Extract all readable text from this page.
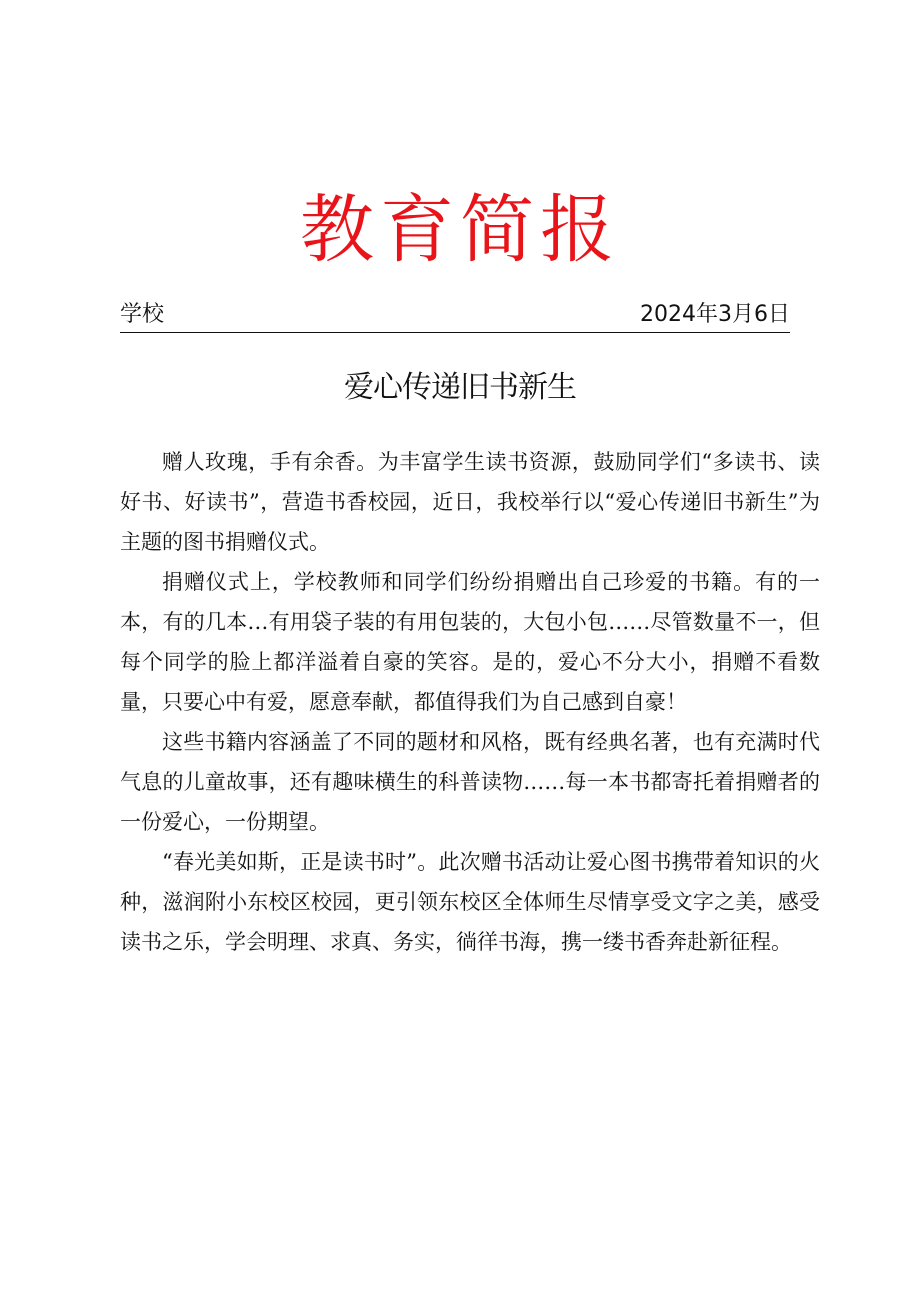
教育简报
学校	2024年3月6日
爱心传递旧书新生

赠人玫瑰，手有余香。为丰富学生读书资源，鼓励同学们“多读书、读好书、好读书”，营造书香校园，近日，我校举行以“爱心传递旧书新生”为主题的图书捐赠仪式。

捐赠仪式上，学校教师和同学们纷纷捐赠出自己珍爱的书籍。有的一本，有的几本…有用袋子装的有用包装的，大包小包……尽管数量不一，但每个同学的脸上都洋溢着自豪的笑容。是的，爱心不分大小，捐赠不看数量，只要心中有爱，愿意奉献，都值得我们为自己感到自豪！

这些书籍内容涵盖了不同的题材和风格，既有经典名著，也有充满时代气息的儿童故事，还有趣味横生的科普读物……每一本书都寄托着捐赠者的一份爱心，一份期望。

“春光美如斯，正是读书时”。此次赠书活动让爱心图书携带着知识的火种，滋润附小东校区校园，更引领东校区全体师生尽情享受文字之美，感受读书之乐，学会明理、求真、务实，徜徉书海，携一缕书香奔赴新征程。
